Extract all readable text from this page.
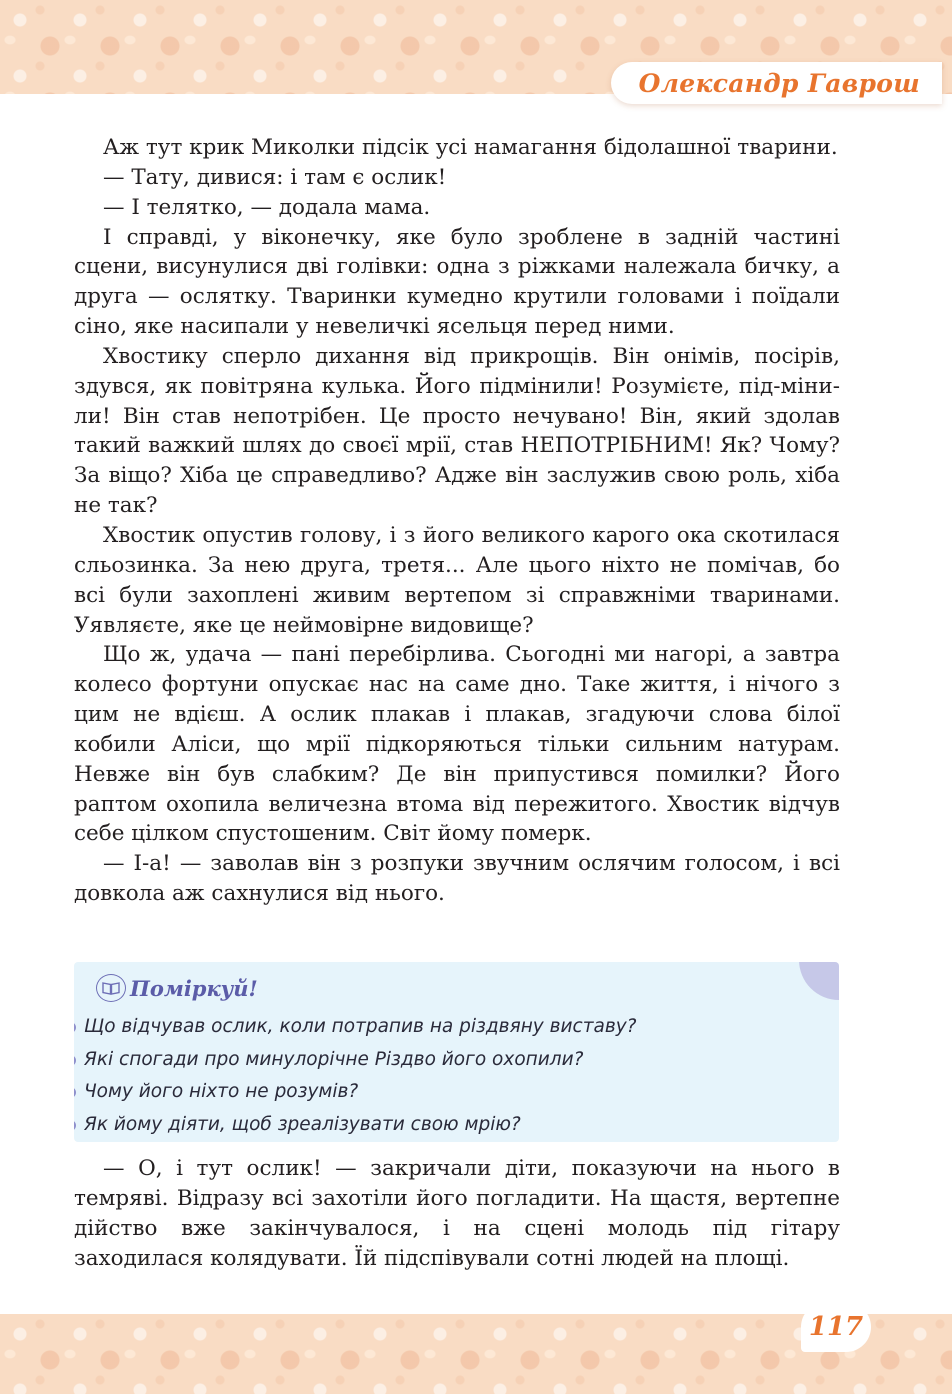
Олександр Гаврош

Аж тут крик Миколки підсік усі намагання бідолашної тварини.

— Тату, дивися: і там є ослик!

— І телятко, — додала мама.

І справді, у віконечку, яке було зроблене в задній частині сцени, висунулися дві голівки: одна з ріжками належала бичку, а друга — ослятку. Тваринки кумедно крутили головами і поїдали сіно, яке насипали у невеличкі ясельця перед ними.

Хвостику сперло дихання від прикрощів. Він онімів, посірів, здувся, як повітряна кулька. Його підмінили! Розумієте, під-міни-ли! Він став непотрібен. Це просто нечувано! Він, який здолав такий важкий шлях до своєї мрії, став НЕПОТРІБНИМ! Як? Чому? За віщо? Хіба це справедливо? Адже він заслужив свою роль, хіба не так?

Хвостик опустив голову, і з його великого карого ока скотилася сльозинка. За нею друга, третя... Але цього ніхто не помічав, бо всі були захоплені живим вертепом зі справжніми тваринами. Уявляєте, яке це неймовірне видовище?

Що ж, удача — пані перебірлива. Сьогодні ми нагорі, а завтра колесо фортуни опускає нас на саме дно. Таке життя, і нічого з цим не вдієш. А ослик плакав і плакав, згадуючи слова білої кобили Аліси, що мрії підкоряються тільки сильним натурам. Невже він був слабким? Де він припустився помилки? Його раптом охопила величезна втома від пережитого. Хвостик відчув себе цілком спустошеним. Світ йому померк.

— І-а! — заволав він з розпуки звучним ослячим голосом, і всі довкола аж сахнулися від нього.

Поміркуй!
Що відчував ослик, коли потрапив на різдвяну виставу?
Які спогади про минулорічне Різдво його охопили?
Чому його ніхто не розумів?
Як йому діяти, щоб зреалізувати свою мрію?

— О, і тут ослик! — закричали діти, показуючи на нього в темряві. Відразу всі захотіли його погладити. На щастя, вертепне дійство вже закінчувалося, і на сцені молодь під гітару заходилася колядувати. Їй підспівували сотні людей на площі.

117
